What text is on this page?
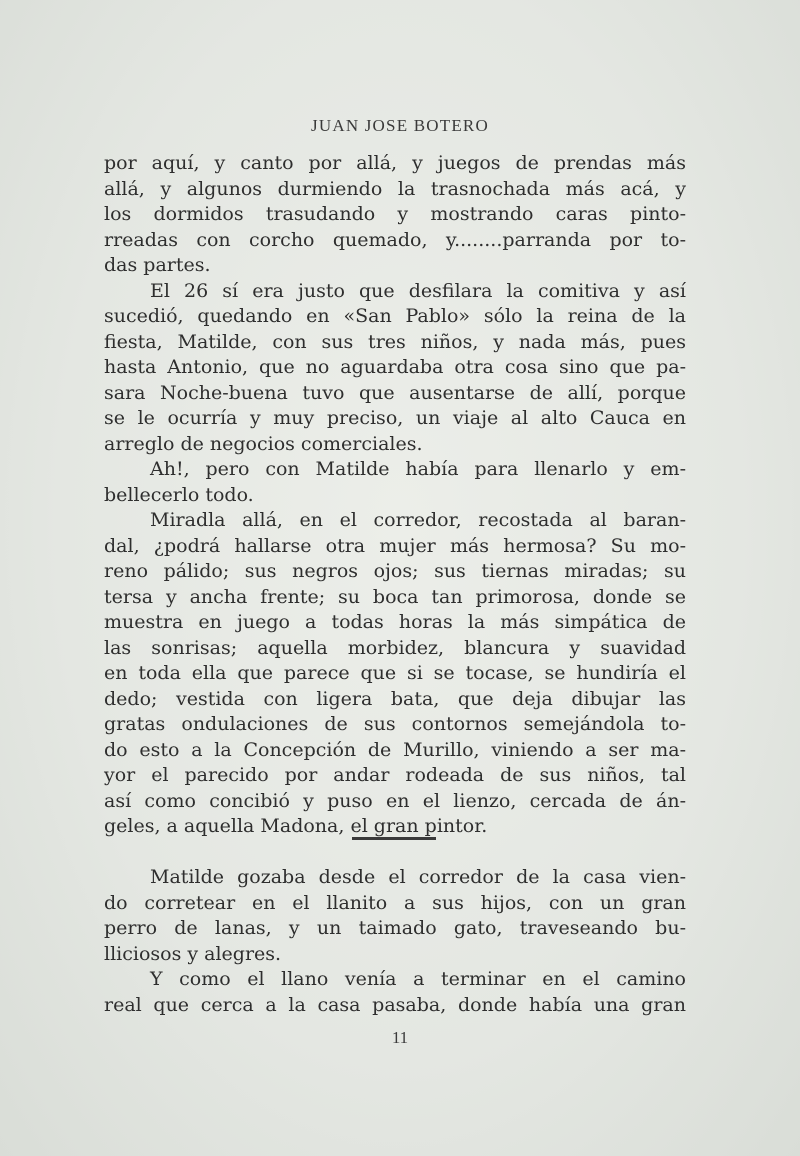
JUAN JOSE BOTERO
por aquí, y canto por allá, y juegos de prendas más
allá, y algunos durmiendo la trasnochada más acá, y
los dormidos trasudando y mostrando caras pinto-
rreadas con corcho quemado, y........parranda por to-
das partes.
El 26 sí era justo que desfilara la comitiva y así
sucedió, quedando en «San Pablo» sólo la reina de la
fiesta, Matilde, con sus tres niños, y nada más, pues
hasta Antonio, que no aguardaba otra cosa sino que pa-
sara Noche-buena tuvo que ausentarse de allí, porque
se le ocurría y muy preciso, un viaje al alto Cauca en
arreglo de negocios comerciales.
Ah!, pero con Matilde había para llenarlo y em-
bellecerlo todo.
Miradla allá, en el corredor, recostada al baran-
dal, ¿podrá hallarse otra mujer más hermosa? Su mo-
reno pálido; sus negros ojos; sus tiernas miradas; su
tersa y ancha frente; su boca tan primorosa, donde se
muestra en juego a todas horas la más simpática de
las sonrisas; aquella morbidez, blancura y suavidad
en toda ella que parece que si se tocase, se hundiría el
dedo; vestida con ligera bata, que deja dibujar las
gratas ondulaciones de sus contornos semejándola to-
do esto a la Concepción de Murillo, viniendo a ser ma-
yor el parecido por andar rodeada de sus niños, tal
así como concibió y puso en el lienzo, cercada de án-
geles, a aquella Madona, el gran pintor.
Matilde gozaba desde el corredor de la casa vien-
do corretear en el llanito a sus hijos, con un gran
perro de lanas, y un taimado gato, traveseando bu-
lliciosos y alegres.
Y como el llano venía a terminar en el camino
real que cerca a la casa pasaba, donde había una gran
11
